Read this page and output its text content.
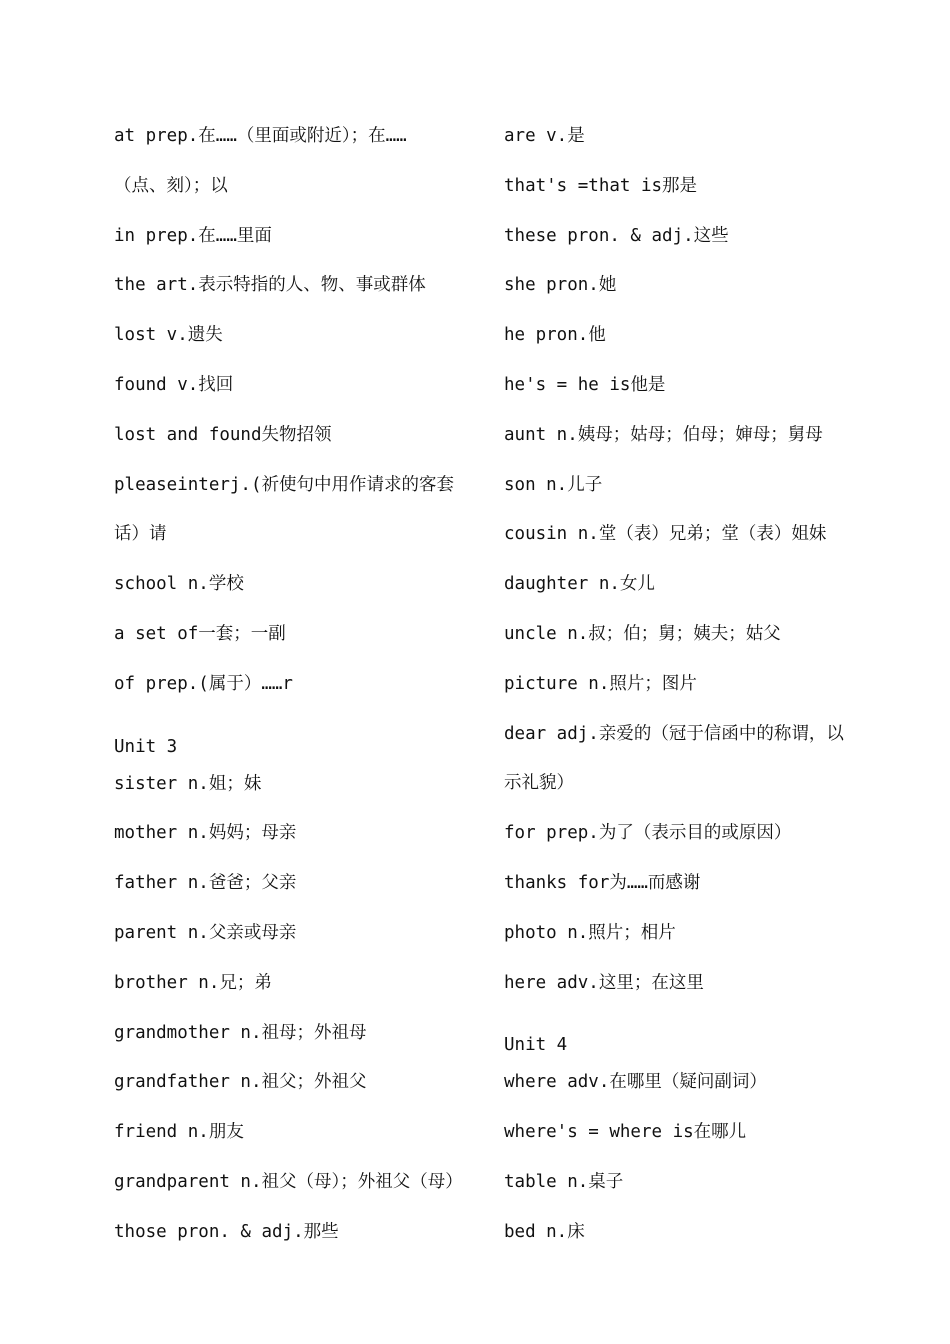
at prep.在……（里面或附近）；在……
（点、刻）；以
in prep.在……里面
the art.表示特指的人、物、事或群体
lost v.遗失
found v.找回
lost and found失物招领
pleaseinterj.(祈使句中用作请求的客套
话）请
school n.学校
a set of一套；一副
of prep.(属于）……r
Unit 3
sister n.姐；妹
mother n.妈妈；母亲
father n.爸爸；父亲
parent n.父亲或母亲
brother n.兄；弟
grandmother n.祖母；外祖母
grandfather n.祖父；外祖父
friend n.朋友
grandparent n.祖父（母）；外祖父（母）
those pron. & adj.那些
are v.是
that's =that is那是
these pron. & adj.这些
she pron.她
he pron.他
he's = he is他是
aunt n.姨母；姑母；伯母；婶母；舅母
son n.儿子
cousin n.堂（表）兄弟；堂（表）姐妹
daughter n.女儿
uncle n.叔；伯；舅；姨夫；姑父
picture n.照片；图片
dear adj.亲爱的（冠于信函中的称谓，以
示礼貌）
for prep.为了（表示目的或原因）
thanks for为……而感谢
photo n.照片；相片
here adv.这里；在这里
Unit 4
where adv.在哪里（疑问副词）
where's = where is在哪儿
table n.桌子
bed n.床
